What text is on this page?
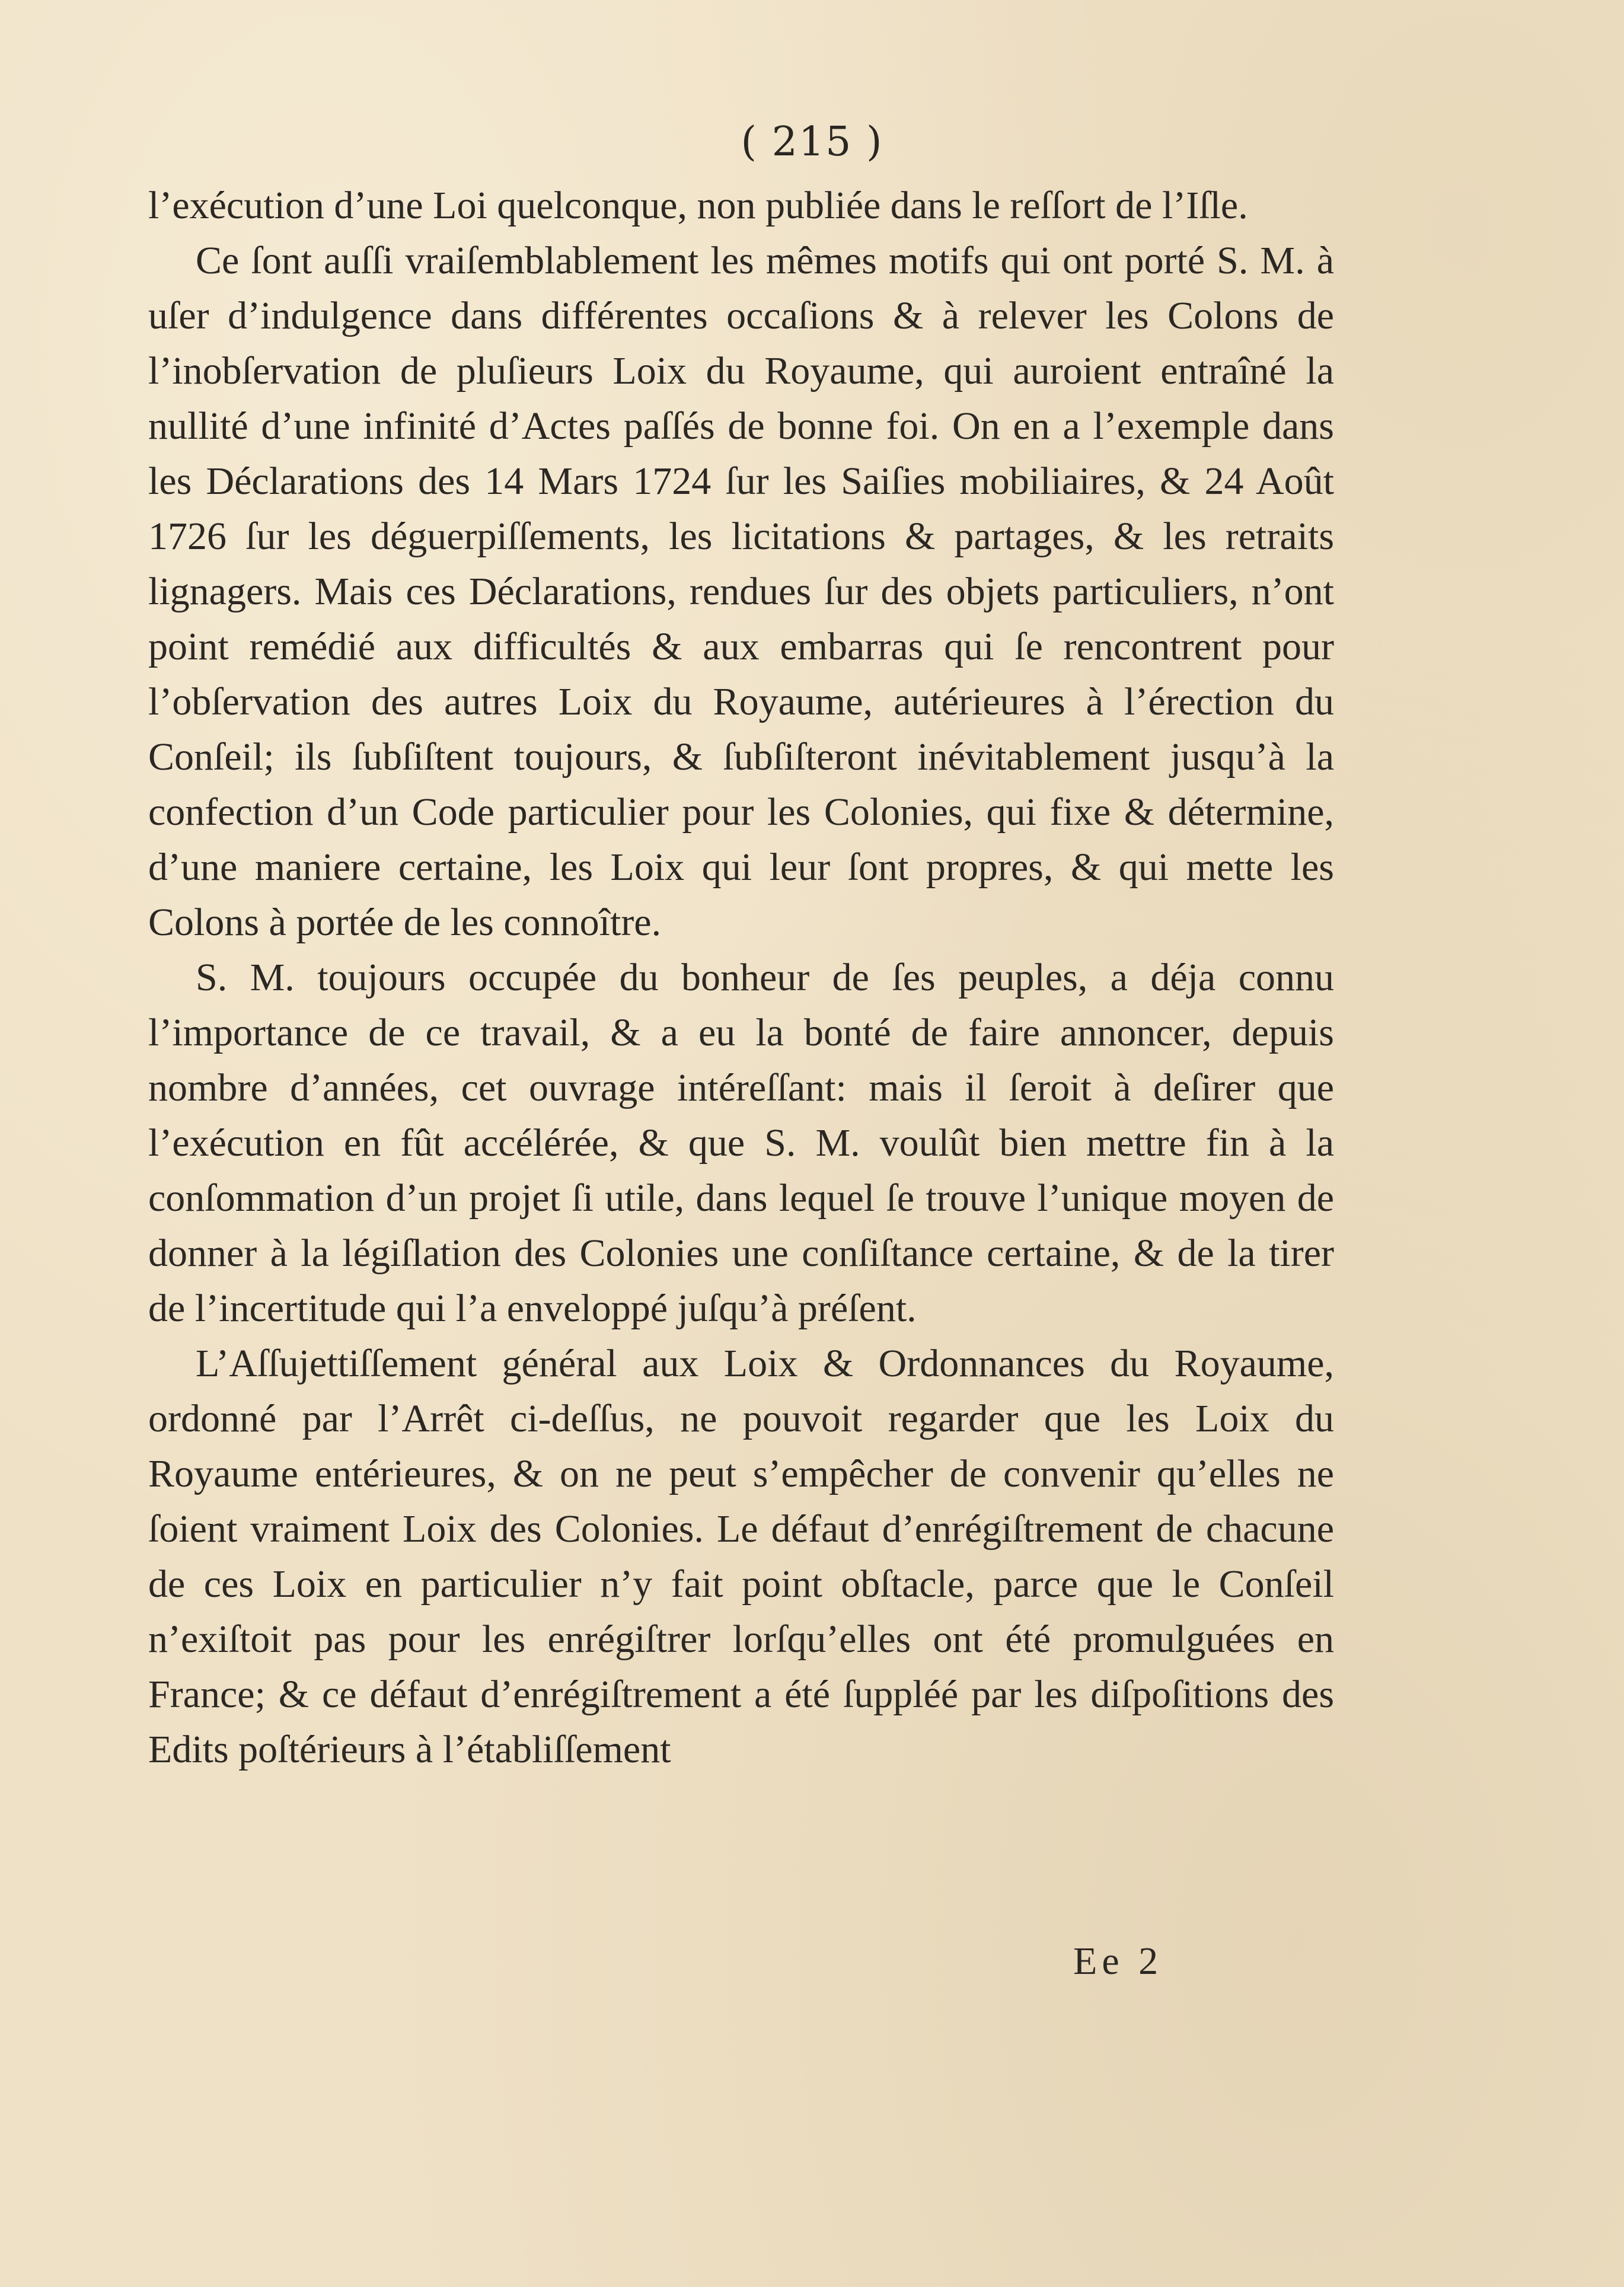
( 215 )

l’exécution d’une Loi quelconque, non publiée dans le reſſort de l’Iſle.

Ce ſont auſſi vraiſemblablement les mêmes motifs qui ont porté S. M. à uſer d’indulgence dans différentes occaſions & à relever les Colons de l’inobſervation de pluſieurs Loix du Royaume, qui auroient entraîné la nullité d’une infinité d’Actes paſſés de bonne foi. On en a l’exemple dans les Déclarations des 14 Mars 1724 ſur les Saiſies mobiliaires, & 24 Août 1726 ſur les déguerpiſſements, les licitations & partages, & les retraits lignagers. Mais ces Déclarations, rendues ſur des objets particuliers, n’ont point remédié aux difficultés & aux embarras qui ſe rencontrent pour l’obſervation des autres Loix du Royaume, autérieures à l’érection du Conſeil; ils ſubſiſtent toujours, & ſubſiſteront inévitablement jusqu’à la confection d’un Code particulier pour les Colonies, qui fixe & détermine, d’une maniere certaine, les Loix qui leur ſont propres, & qui mette les Colons à portée de les connoître.

S. M. toujours occupée du bonheur de ſes peuples, a déja connu l’importance de ce travail, & a eu la bonté de faire annoncer, depuis nombre d’années, cet ouvrage intéreſſant: mais il ſeroit à deſirer que l’exécution en fût accélérée, & que S. M. voulût bien mettre fin à la conſommation d’un projet ſi utile, dans lequel ſe trouve l’unique moyen de donner à la légiſlation des Colonies une conſiſtance certaine, & de la tirer de l’incertitude qui l’a enveloppé juſqu’à préſent.

L’Aſſujettiſſement général aux Loix & Ordonnances du Royaume, ordonné par l’Arrêt ci-deſſus, ne pouvoit regarder que les Loix du Royaume entérieures, & on ne peut s’empêcher de convenir qu’elles ne ſoient vraiment Loix des Colonies. Le défaut d’enrégiſtrement de chacune de ces Loix en particulier n’y fait point obſtacle, parce que le Conſeil n’exiſtoit pas pour les enrégiſtrer lorſqu’elles ont été promulguées en France; & ce défaut d’enrégiſtrement a été ſuppléé par les diſpoſitions des Edits poſtérieurs à l’établiſſement

Ee 2
